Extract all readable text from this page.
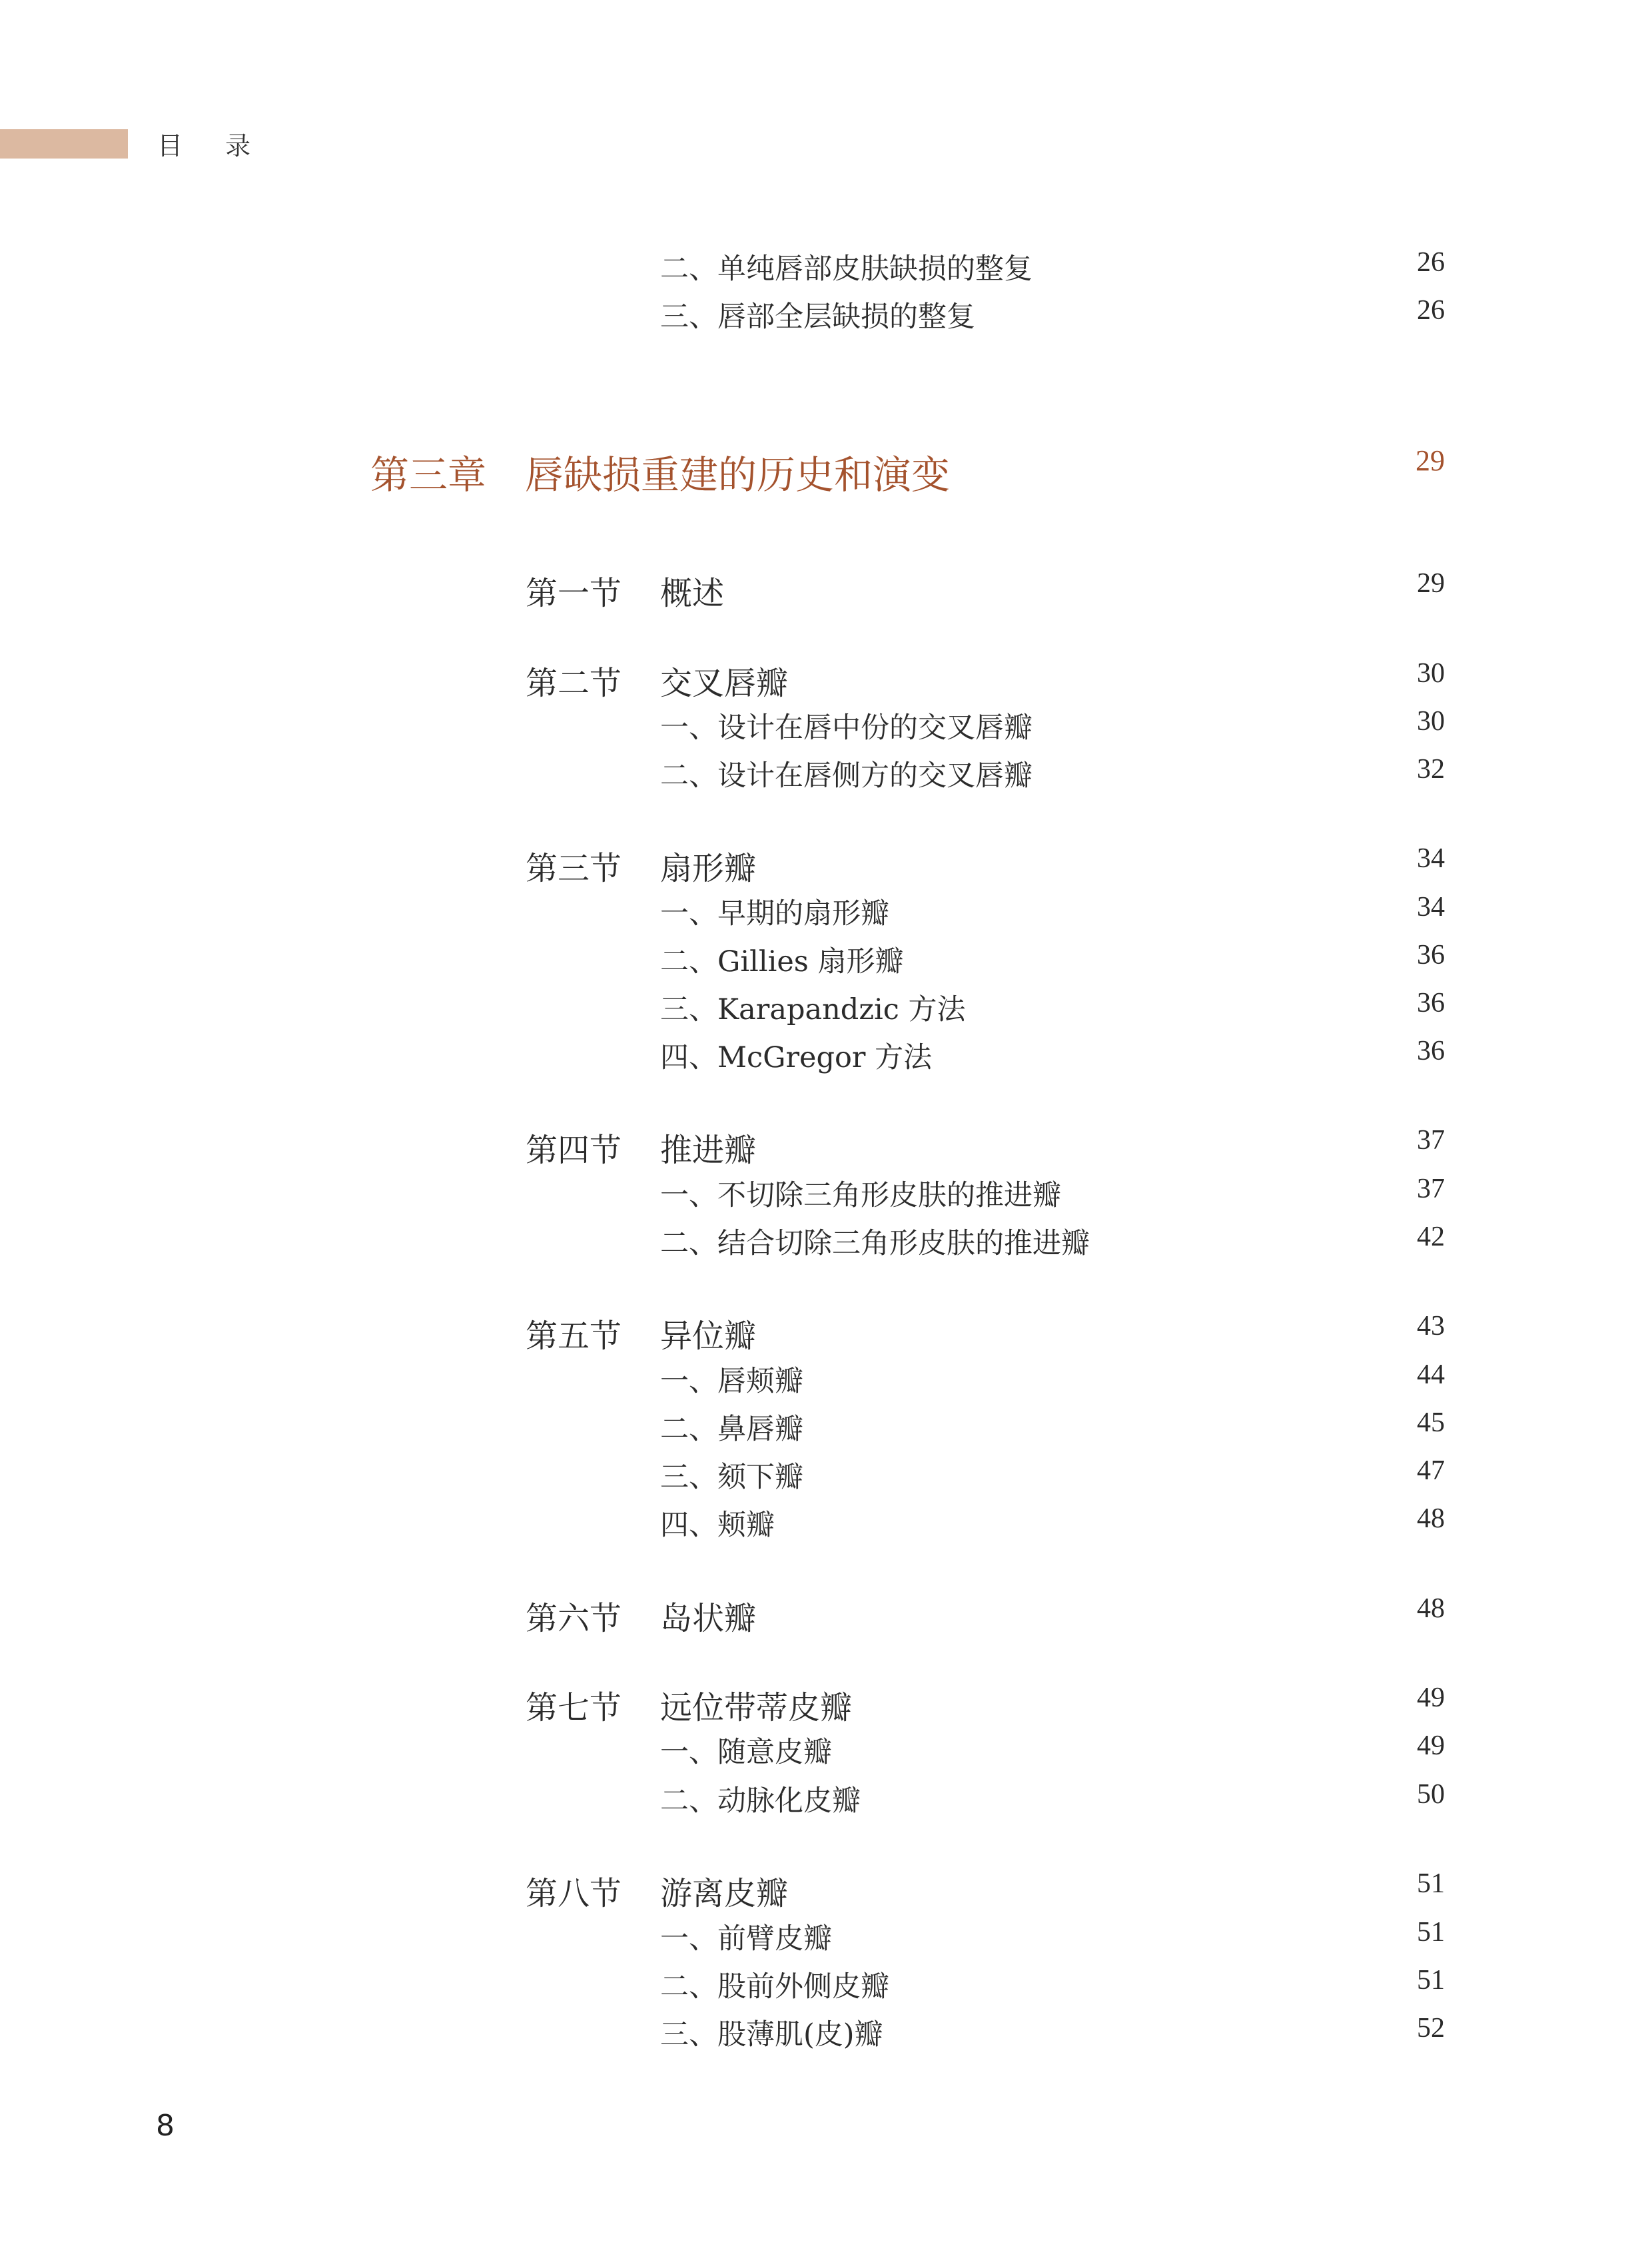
目 录
二、单纯唇部皮肤缺损的整复	26
三、唇部全层缺损的整复	26
第三章 唇缺损重建的历史和演变	29
第一节 概述	29
第二节 交叉唇瓣	30
一、设计在唇中份的交叉唇瓣	30
二、设计在唇侧方的交叉唇瓣	32
第三节 扇形瓣	34
一、早期的扇形瓣	34
二、Gillies 扇形瓣	36
三、Karapandzic 方法	36
四、McGregor 方法	36
第四节 推进瓣	37
一、不切除三角形皮肤的推进瓣	37
二、结合切除三角形皮肤的推进瓣	42
第五节 异位瓣	43
一、唇颊瓣	44
二、鼻唇瓣	45
三、颏下瓣	47
四、颊瓣	48
第六节 岛状瓣	48
第七节 远位带蒂皮瓣	49
一、随意皮瓣	49
二、动脉化皮瓣	50
第八节 游离皮瓣	51
一、前臂皮瓣	51
二、股前外侧皮瓣	51
三、股薄肌(皮)瓣	52
8
